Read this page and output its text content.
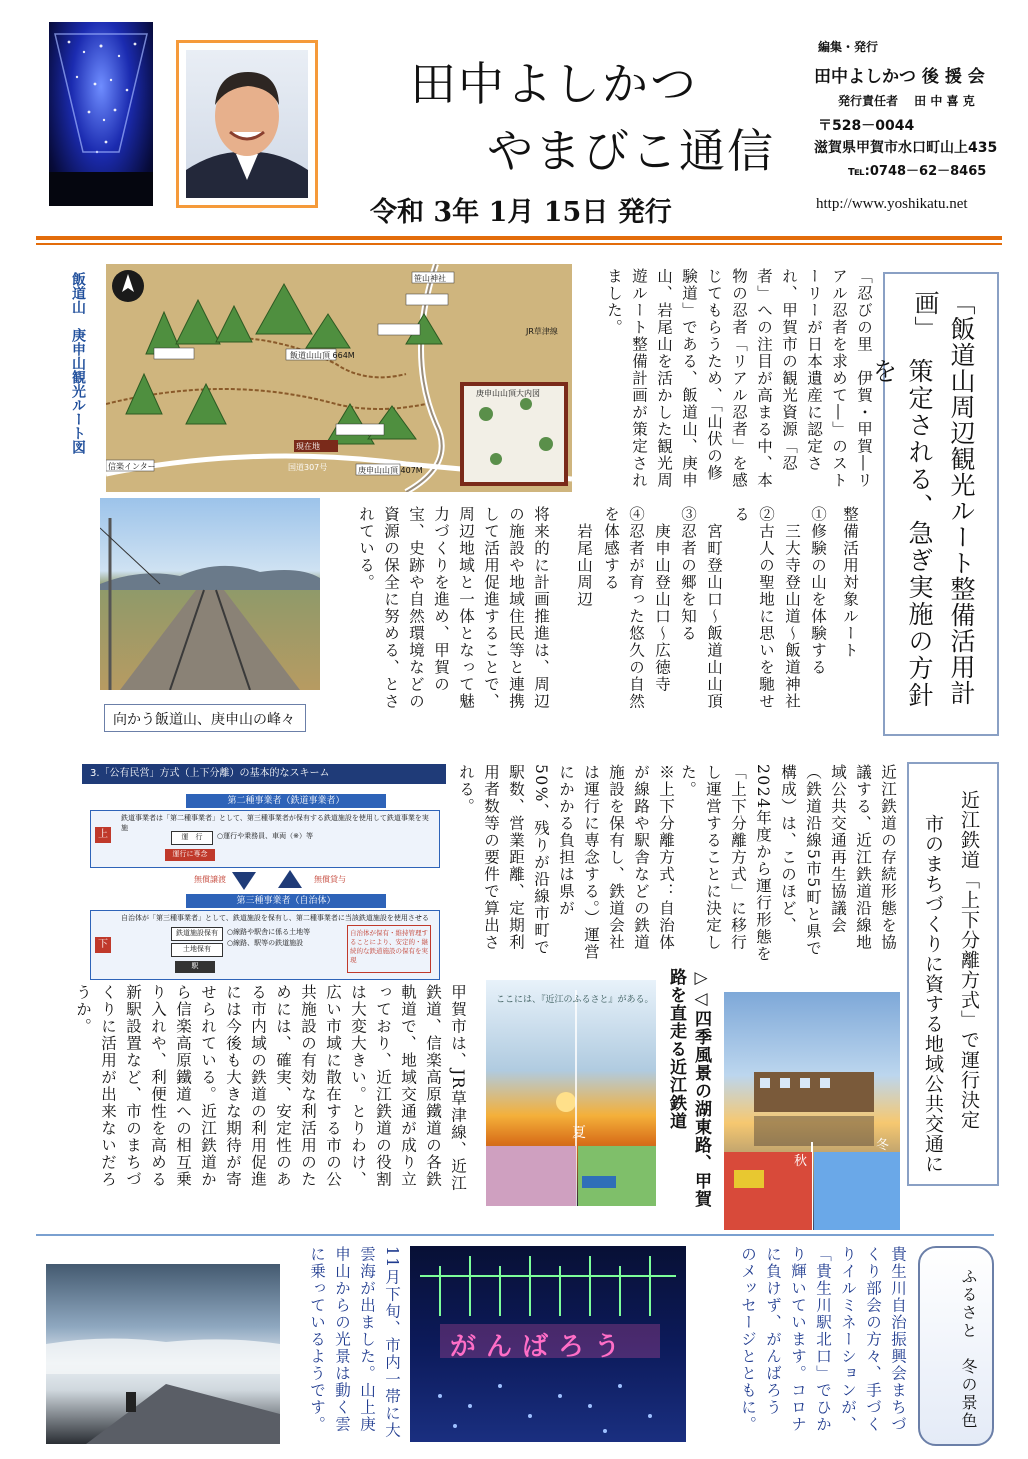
田中よしかつ
やまびこ通信
令和 3年 1月 15日 発行
編集・発行
田中よしかつ 後 援 会
発行責任者　 田 中 喜 克
〒528－0044
滋賀県甲賀市水口町山上435
℡:0748－62－8465
http://www.yoshikatu.net
「飯道山周辺観光ルート整備活用計画」
策定される、急ぎ実施の方針を
「忍びの里　伊賀・甲賀―リアル忍者を求めて―」のストーリーが日本遺産に認定され、甲賀市の観光資源「忍者」への注目が高まる中、本物の忍者「リアル忍者」を感じてもらうため、「山伏の修験道」である、飯道山、庚申山、岩尾山を活かした観光周遊ルート整備計画が策定されました。
整備活用対象ルート
①修験の山を体験する
　三大寺登山道～飯道神社
②古人の聖地に思いを馳せる
　宮町登山口～飯道山山頂
③忍者の郷を知る
　庚申山登山口～広徳寺
④忍者が育った悠久の自然を体感する
　岩尾山周辺
将来的に計画推進は、周辺の施設や地域住民等と連携して活用促進することで、周辺地域と一体となって魅力づくりを進め、甲賀の宝、史跡や自然環境などの資源の保全に努める、とされている。
飯道山　庚申山観光ルート図	現在地
国道307号
信楽インター
笹山神社
JR草津線
飯道山山頂 664M
庚申山山頂 407M
庚申山山頂大内図
向かう飯道山、庚申山の峰々
近江鉄道「上下分離方式」で運行決定
市のまちづくりに資する地域公共交通に
近江鉄道の存続形態を協議する、近江鉄道沿線地域公共交通再生協議会（鉄道沿線5市5町と県で構成）は、このほど、2024年度から運行形態を「上下分離方式」に移行し運営することに決定した。
※上下分離方式：自治体が線路や駅舎などの鉄道施設を保有し、鉄道会社は運行に専念する。）運営にかかる負担は県が50%、残りが沿線市町で駅数、営業距離、定期利用者数等の要件で算出される。
3.「公有民営」方式（上下分離）の基本的なスキーム
第二種事業者（鉄道事業者）
鉄道事業者は「第二種事業者」として、第三種事業者が保有する鉄道施設を使用して鉄道事業を実施
上	運　行	○運行や乗務員、車両（※）等
運行に専念
無償譲渡	無償貸与
第三種事業者（自治体）
自治体が「第三種事業者」として、鉄道施設を保有し、第二種事業者に当該鉄道施設を使用させる
下
鉄道施設保有	○線路や駅舎に係る土地等
○線路、駅等の鉄道施設
土地保有
駅
自治体が保有・維持管理することにより、安定的・継続的な鉄道施設の保有を実現
甲賀市は、JR草津線、近江鉄道、信楽高原鐵道の各鉄軌道で、地域交通が成り立っており、近江鉄道の役割は大変大きい。とりわけ、広い市域に散在する市の公共施設の有効な利活用のためには、確実、安定性のある市内域の鉄道の利用促進には今後も大きな期待が寄せられている。近江鉄道から信楽高原鐵道への相互乗り入れや、利便性を高める新駅設置など、市のまちづくりに活用が出来ないだろうか。	ここには、『近江のふるさと』がある。
夏	▷◁四季風景の湖東路、甲賀路を直走る近江鉄道
秋
冬
ふるさと　冬の景色
貴生川自治振興会まちづくり部会の方々、手づくりイルミネーションが、「貴生川駅北口」でひかり輝いています。コロナに負けず、がんばろう　のメッセージとともに。
がんばろう
11月下旬、市内一帯に大雲海が出ました。山上庚申山からの光景は動く雲に乗っているようです。
